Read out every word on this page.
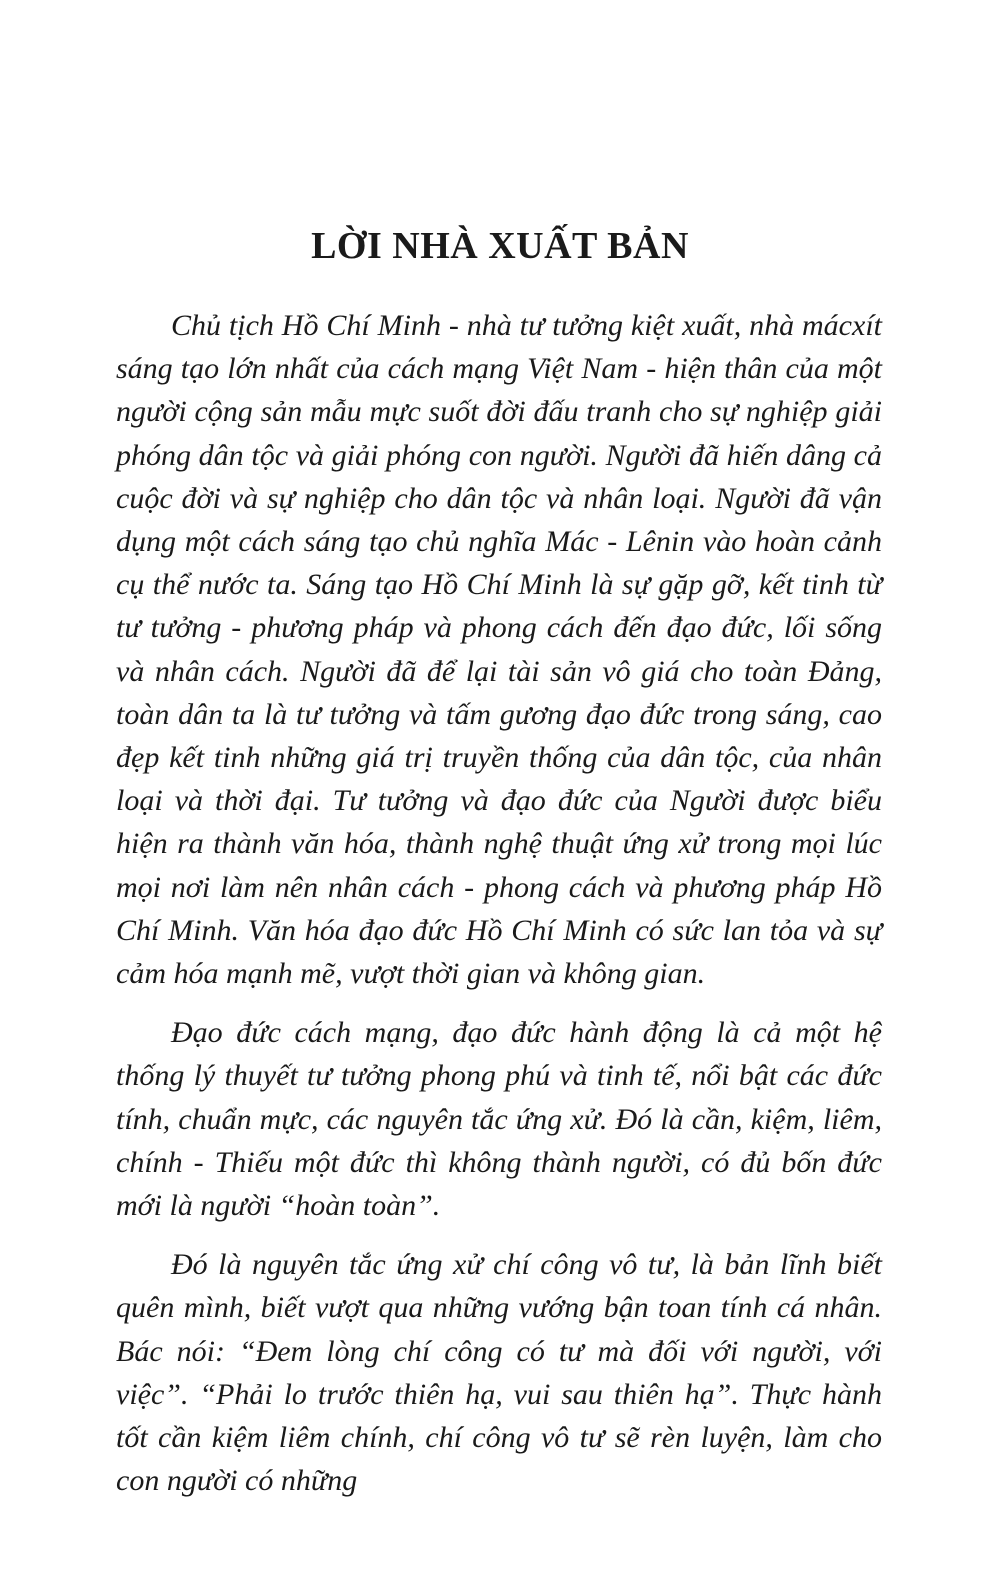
LỜI NHÀ XUẤT BẢN

Chủ tịch Hồ Chí Minh - nhà tư tưởng kiệt xuất, nhà mácxít sáng tạo lớn nhất của cách mạng Việt Nam - hiện thân của một người cộng sản mẫu mực suốt đời đấu tranh cho sự nghiệp giải phóng dân tộc và giải phóng con người. Người đã hiến dâng cả cuộc đời và sự nghiệp cho dân tộc và nhân loại. Người đã vận dụng một cách sáng tạo chủ nghĩa Mác - Lênin vào hoàn cảnh cụ thể nước ta. Sáng tạo Hồ Chí Minh là sự gặp gỡ, kết tinh từ tư tưởng - phương pháp và phong cách đến đạo đức, lối sống và nhân cách. Người đã để lại tài sản vô giá cho toàn Đảng, toàn dân ta là tư tưởng và tấm gương đạo đức trong sáng, cao đẹp kết tinh những giá trị truyền thống của dân tộc, của nhân loại và thời đại. Tư tưởng và đạo đức của Người được biểu hiện ra thành văn hóa, thành nghệ thuật ứng xử trong mọi lúc mọi nơi làm nên nhân cách - phong cách và phương pháp Hồ Chí Minh. Văn hóa đạo đức Hồ Chí Minh có sức lan tỏa và sự cảm hóa mạnh mẽ, vượt thời gian và không gian.

Đạo đức cách mạng, đạo đức hành động là cả một hệ thống lý thuyết tư tưởng phong phú và tinh tế, nổi bật các đức tính, chuẩn mực, các nguyên tắc ứng xử. Đó là cần, kiệm, liêm, chính - Thiếu một đức thì không thành người, có đủ bốn đức mới là người “hoàn toàn”.

Đó là nguyên tắc ứng xử chí công vô tư, là bản lĩnh biết quên mình, biết vượt qua những vướng bận toan tính cá nhân. Bác nói: “Đem lòng chí công có tư mà đối với người, với việc”. “Phải lo trước thiên hạ, vui sau thiên hạ”. Thực hành tốt cần kiệm liêm chính, chí công vô tư sẽ rèn luyện, làm cho con người có những
